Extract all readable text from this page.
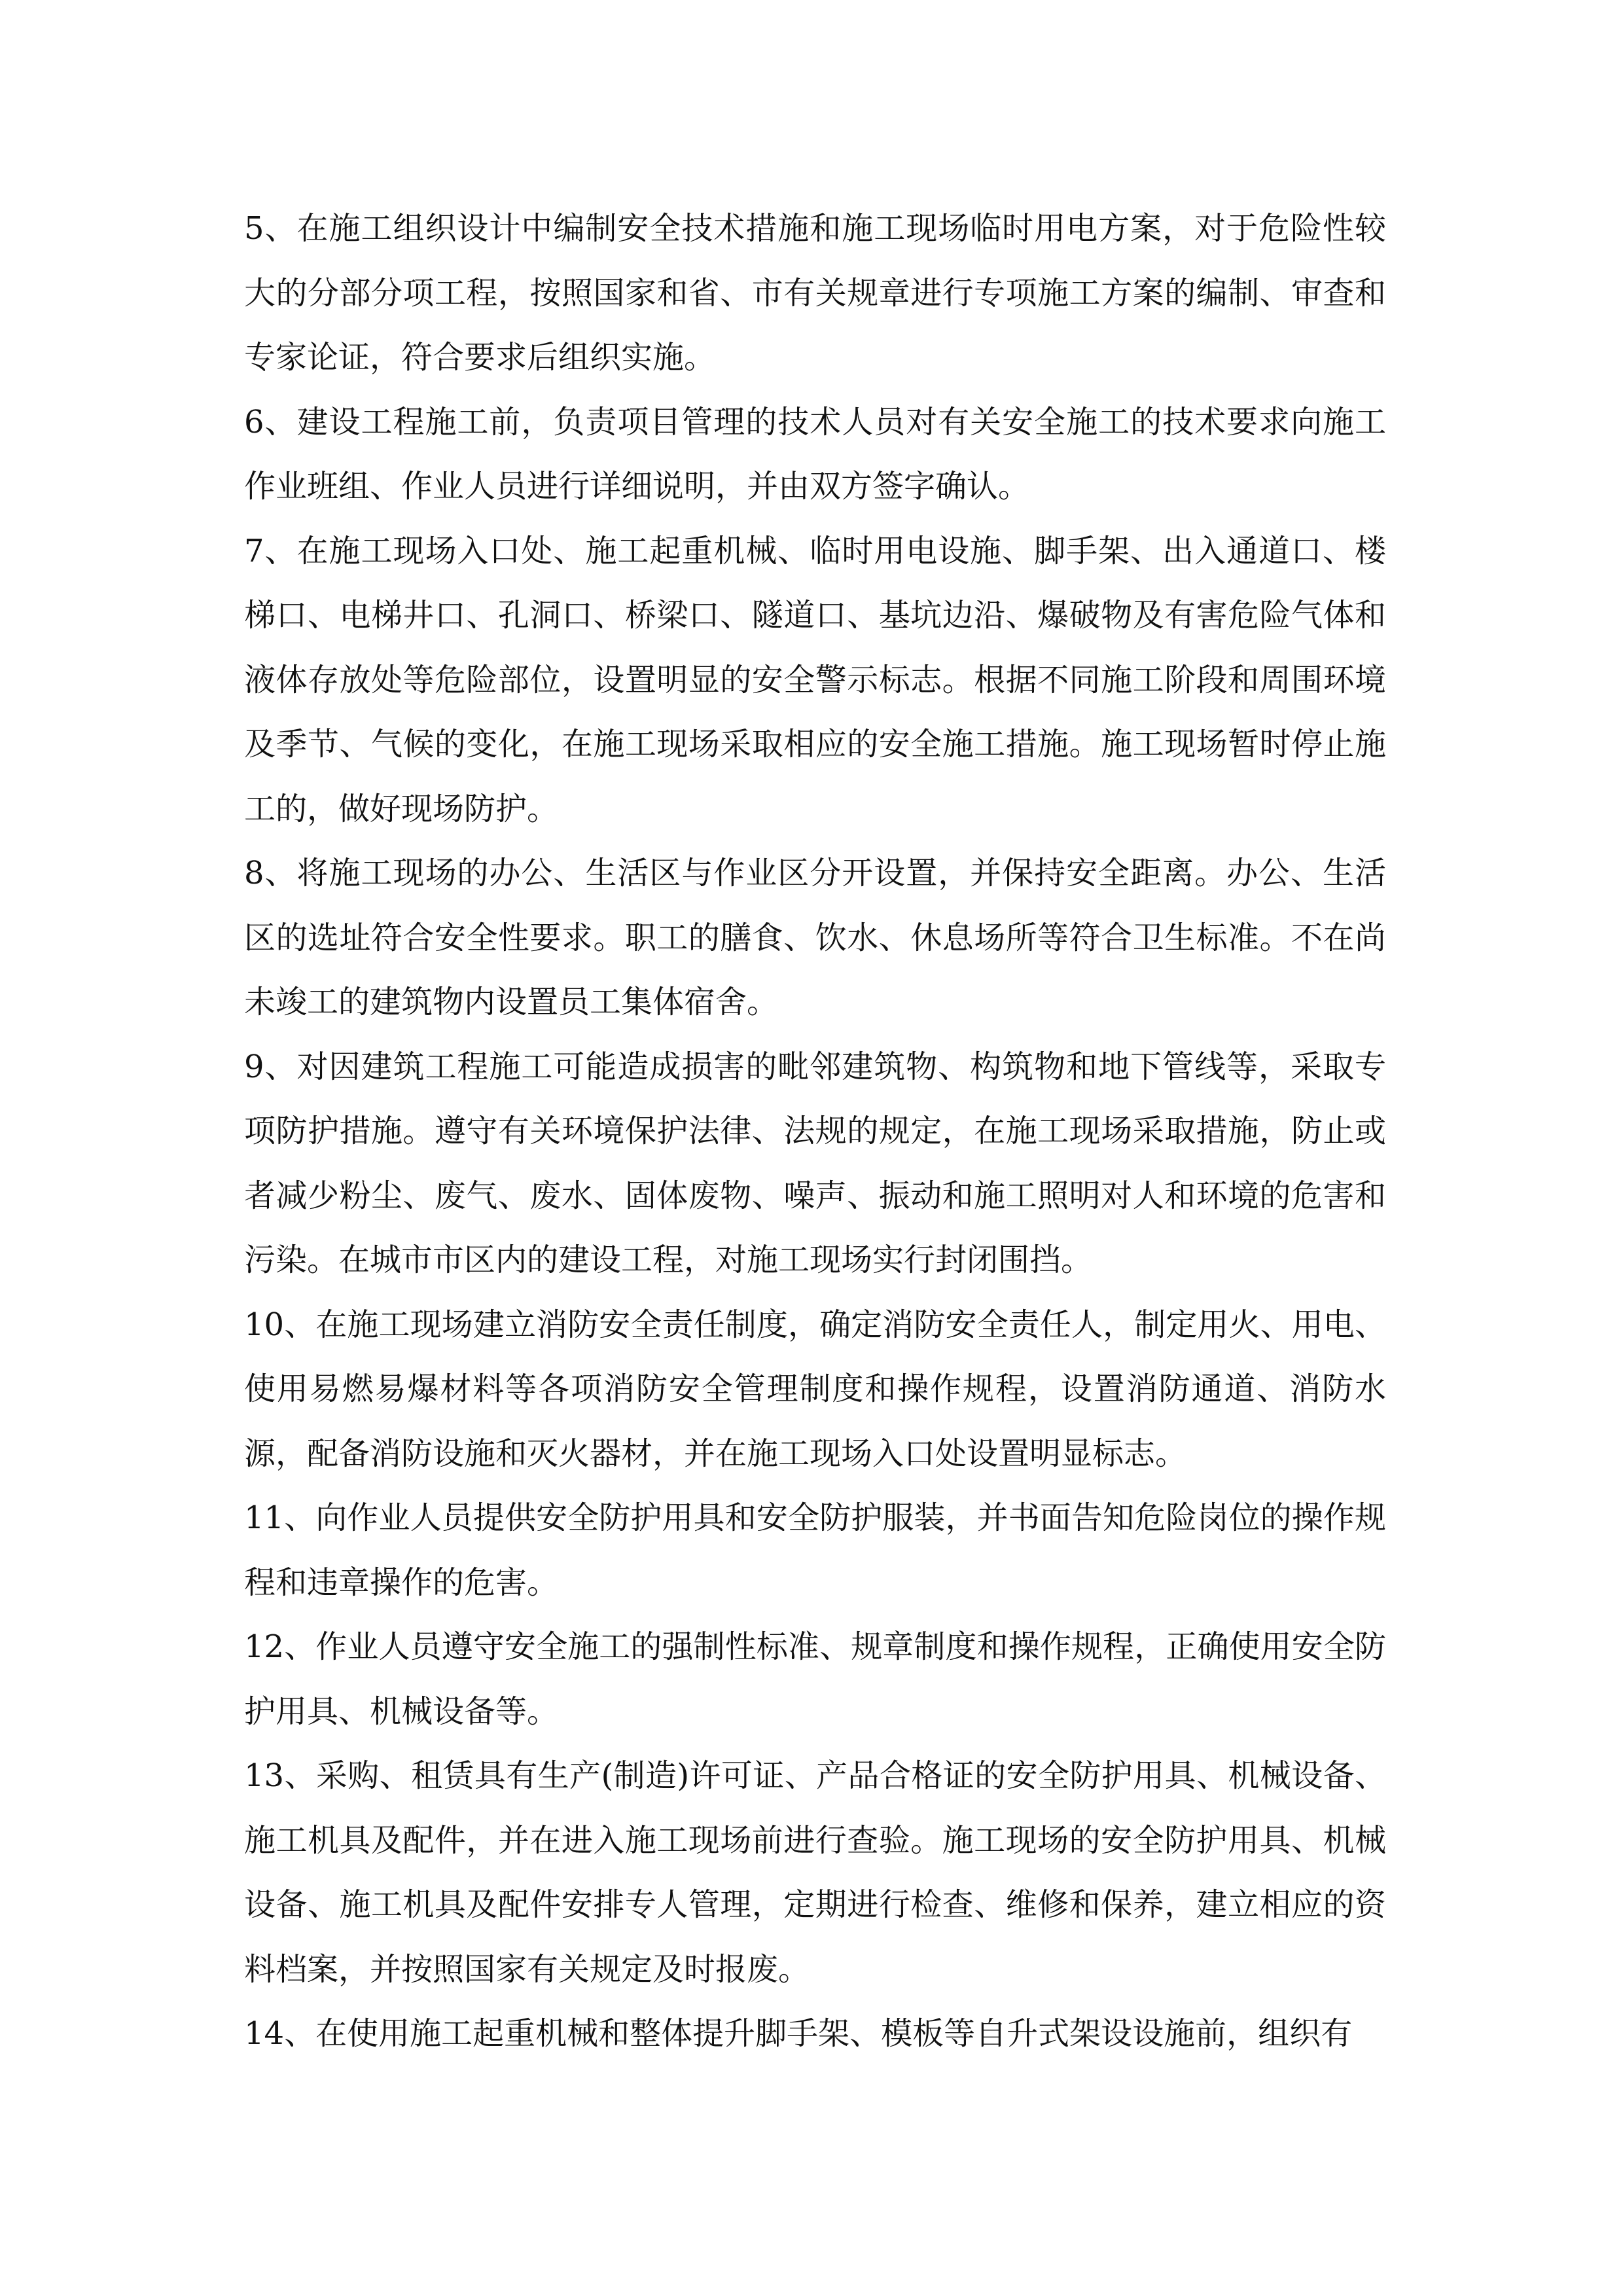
5、在施工组织设计中编制安全技术措施和施工现场临时用电方案，对于危险性较大的分部分项工程，按照国家和省、市有关规章进行专项施工方案的编制、审查和专家论证，符合要求后组织实施。

6、建设工程施工前，负责项目管理的技术人员对有关安全施工的技术要求向施工作业班组、作业人员进行详细说明，并由双方签字确认。

7、在施工现场入口处、施工起重机械、临时用电设施、脚手架、出入通道口、楼梯口、电梯井口、孔洞口、桥梁口、隧道口、基坑边沿、爆破物及有害危险气体和液体存放处等危险部位，设置明显的安全警示标志。根据不同施工阶段和周围环境及季节、气候的变化，在施工现场采取相应的安全施工措施。施工现场暂时停止施工的，做好现场防护。

8、将施工现场的办公、生活区与作业区分开设置，并保持安全距离。办公、生活区的选址符合安全性要求。职工的膳食、饮水、休息场所等符合卫生标准。不在尚未竣工的建筑物内设置员工集体宿舍。

9、对因建筑工程施工可能造成损害的毗邻建筑物、构筑物和地下管线等，采取专项防护措施。遵守有关环境保护法律、法规的规定，在施工现场采取措施，防止或者减少粉尘、废气、废水、固体废物、噪声、振动和施工照明对人和环境的危害和污染。在城市市区内的建设工程，对施工现场实行封闭围挡。

10、在施工现场建立消防安全责任制度，确定消防安全责任人，制定用火、用电、使用易燃易爆材料等各项消防安全管理制度和操作规程，设置消防通道、消防水源，配备消防设施和灭火器材，并在施工现场入口处设置明显标志。

11、向作业人员提供安全防护用具和安全防护服装，并书面告知危险岗位的操作规程和违章操作的危害。

12、作业人员遵守安全施工的强制性标准、规章制度和操作规程，正确使用安全防护用具、机械设备等。

13、采购、租赁具有生产(制造)许可证、产品合格证的安全防护用具、机械设备、施工机具及配件，并在进入施工现场前进行查验。施工现场的安全防护用具、机械设备、施工机具及配件安排专人管理，定期进行检查、维修和保养，建立相应的资料档案，并按照国家有关规定及时报废。

14、在使用施工起重机械和整体提升脚手架、模板等自升式架设设施前，组织有
